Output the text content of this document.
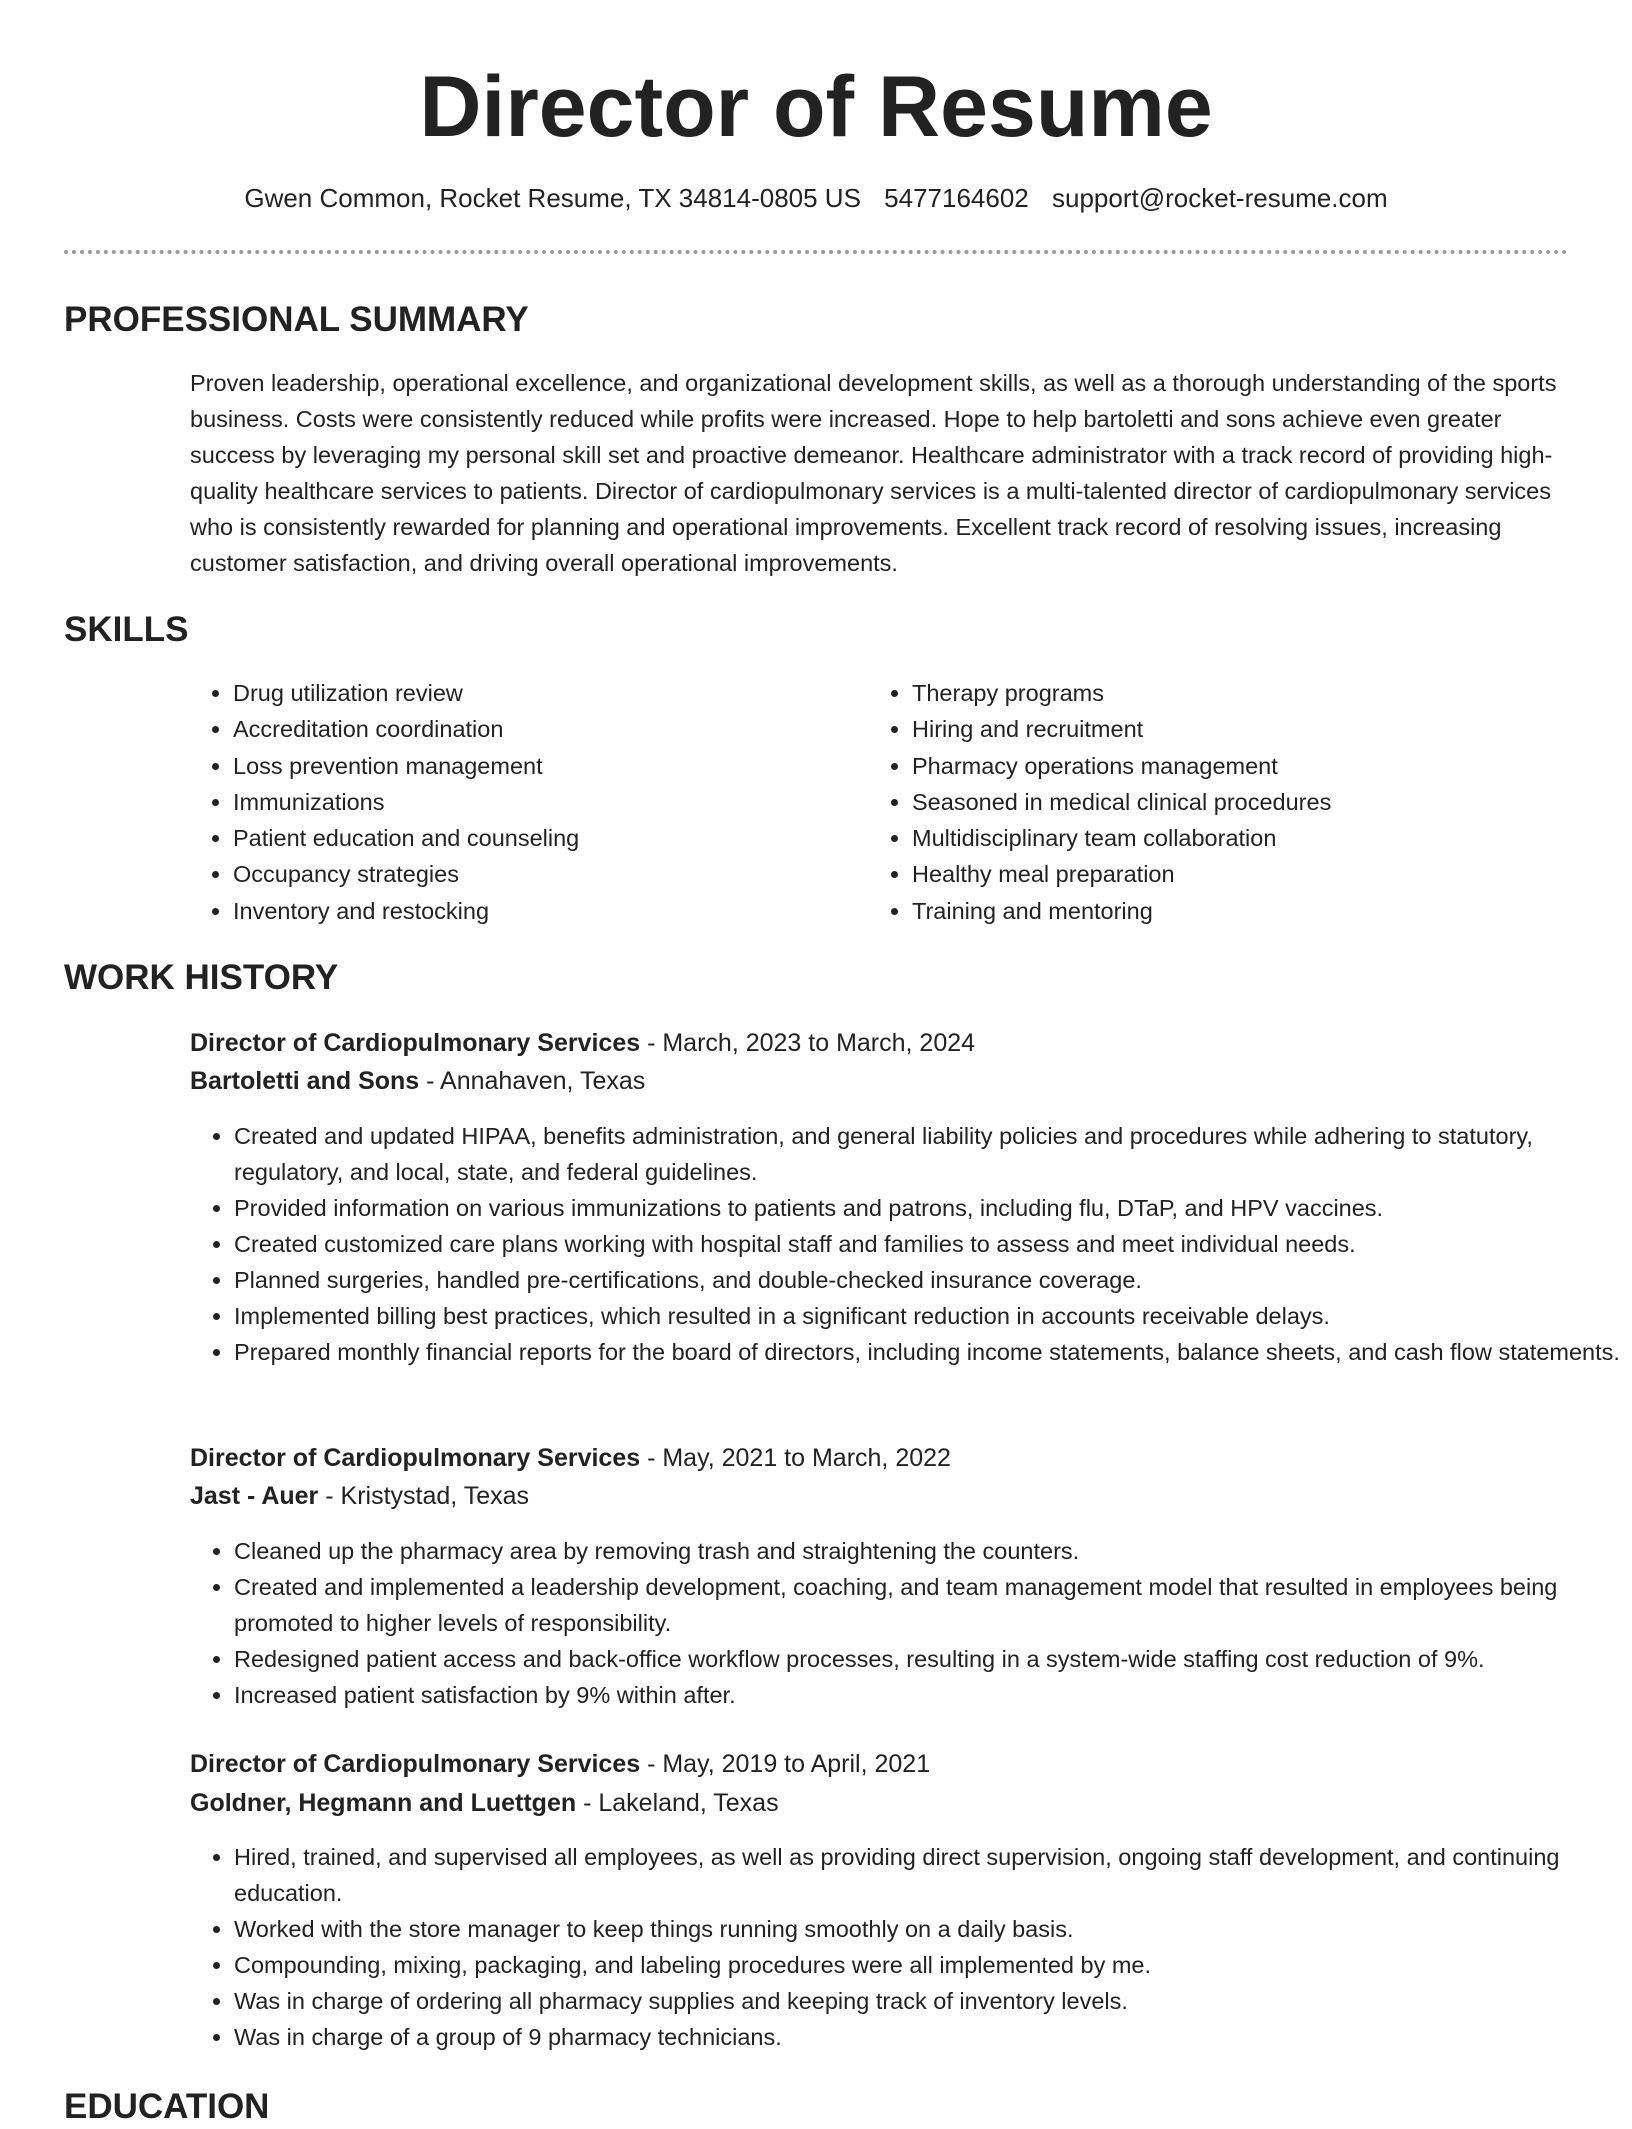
Director of Resume
Gwen Common, Rocket Resume, TX 34814-0805 US 5477164602 support@rocket-resume.com
PROFESSIONAL SUMMARY

Proven leadership, operational excellence, and organizational development skills, as well as a thorough understanding of the sports business. Costs were consistently reduced while profits were increased. Hope to help bartoletti and sons achieve even greater success by leveraging my personal skill set and proactive demeanor. Healthcare administrator with a track record of providing high-quality healthcare services to patients. Director of cardiopulmonary services is a multi-talented director of cardiopulmonary services who is consistently rewarded for planning and operational improvements. Excellent track record of resolving issues, increasing customer satisfaction, and driving overall operational improvements.

SKILLS
• Drug utilization review
• Accreditation coordination
• Loss prevention management
• Immunizations
• Patient education and counseling
• Occupancy strategies
• Inventory and restocking
• Therapy programs
• Hiring and recruitment
• Pharmacy operations management
• Seasoned in medical clinical procedures
• Multidisciplinary team collaboration
• Healthy meal preparation
• Training and mentoring
WORK HISTORY
Director of Cardiopulmonary Services - March, 2023 to March, 2024
Bartoletti and Sons - Annahaven, Texas
• Created and updated HIPAA, benefits administration, and general liability policies and procedures while adhering to statutory, regulatory, and local, state, and federal guidelines.
• Provided information on various immunizations to patients and patrons, including flu, DTaP, and HPV vaccines.
• Created customized care plans working with hospital staff and families to assess and meet individual needs.
• Planned surgeries, handled pre-certifications, and double-checked insurance coverage.
• Implemented billing best practices, which resulted in a significant reduction in accounts receivable delays.
• Prepared monthly financial reports for the board of directors, including income statements, balance sheets, and cash flow statements.
Director of Cardiopulmonary Services - May, 2021 to March, 2022
Jast - Auer - Kristystad, Texas
• Cleaned up the pharmacy area by removing trash and straightening the counters.
• Created and implemented a leadership development, coaching, and team management model that resulted in employees being promoted to higher levels of responsibility.
• Redesigned patient access and back-office workflow processes, resulting in a system-wide staffing cost reduction of 9%.
• Increased patient satisfaction by 9% within after.
Director of Cardiopulmonary Services - May, 2019 to April, 2021
Goldner, Hegmann and Luettgen - Lakeland, Texas
• Hired, trained, and supervised all employees, as well as providing direct supervision, ongoing staff development, and continuing education.
• Worked with the store manager to keep things running smoothly on a daily basis.
• Compounding, mixing, packaging, and labeling procedures were all implemented by me.
• Was in charge of ordering all pharmacy supplies and keeping track of inventory levels.
• Was in charge of a group of 9 pharmacy technicians.
EDUCATION
